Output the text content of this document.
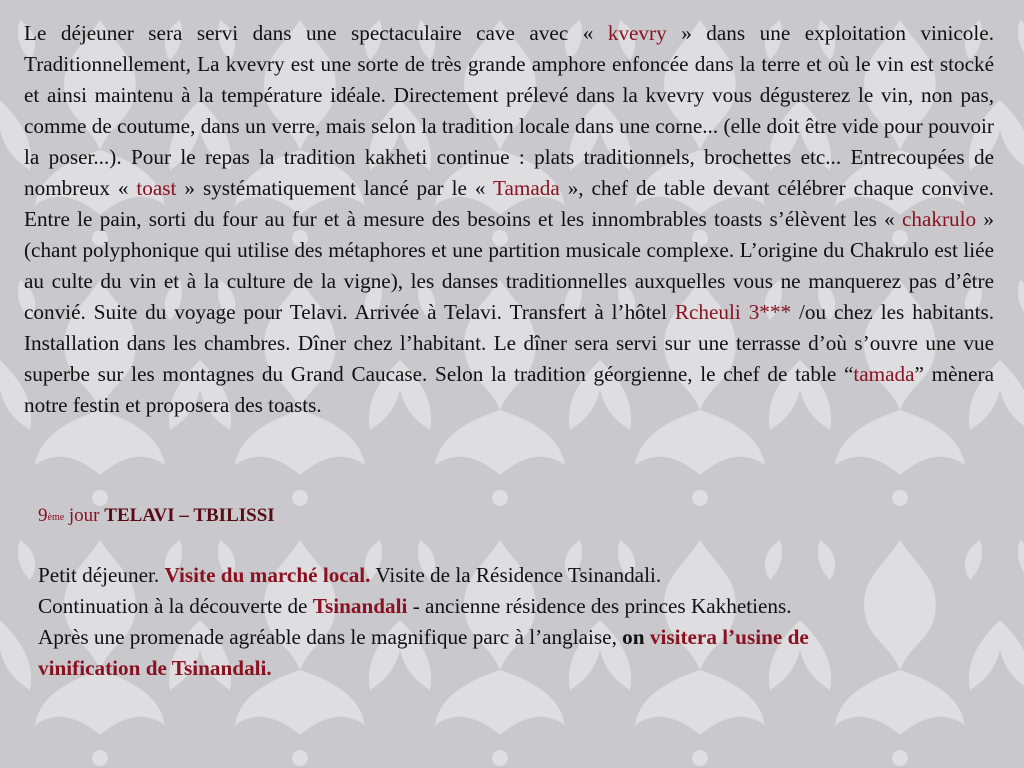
Le déjeuner sera servi dans une spectaculaire cave avec « kvevry » dans une exploitation vinicole. Traditionnellement, La kvevry est une sorte de très grande amphore enfoncée dans la terre et où le vin est stocké et ainsi maintenu à la température idéale. Directement prélevé dans la kvevry vous dégusterez le vin, non pas, comme de coutume, dans un verre, mais selon la tradition locale dans une corne... (elle doit être vide pour pouvoir la poser...). Pour le repas la tradition kakheti continue : plats traditionnels, brochettes etc... Entrecoupées de nombreux « toast » systématiquement lancé par le « Tamada », chef de table devant célébrer chaque convive. Entre le pain, sorti du four au fur et à mesure des besoins et les innombrables toasts s’élèvent les « chakrulo » (chant polyphonique qui utilise des métaphores et une partition musicale complexe. L’origine du Chakrulo est liée au culte du vin et à la culture de la vigne), les danses traditionnelles auxquelles vous ne manquerez pas d’être convié. Suite du voyage pour Telavi. Arrivée à Telavi. Transfert à l’hôtel Rcheuli 3*** /ou chez les habitants. Installation dans les chambres. Dîner chez l’habitant. Le dîner sera servi sur une terrasse d’où s’ouvre une vue superbe sur les montagnes du Grand Caucase. Selon la tradition géorgienne, le chef de table “tamada” mènera notre festin et proposera des toasts.

9ème jour TELAVI – TBILISSI

Petit déjeuner. Visite du marché local. Visite de la Résidence Tsinandali.
Continuation à la découverte de Tsinandali - ancienne résidence des princes Kakhetiens. Après une promenade agréable dans le magnifique parc à l’anglaise, on visitera l’usine de vinification de Tsinandali.
